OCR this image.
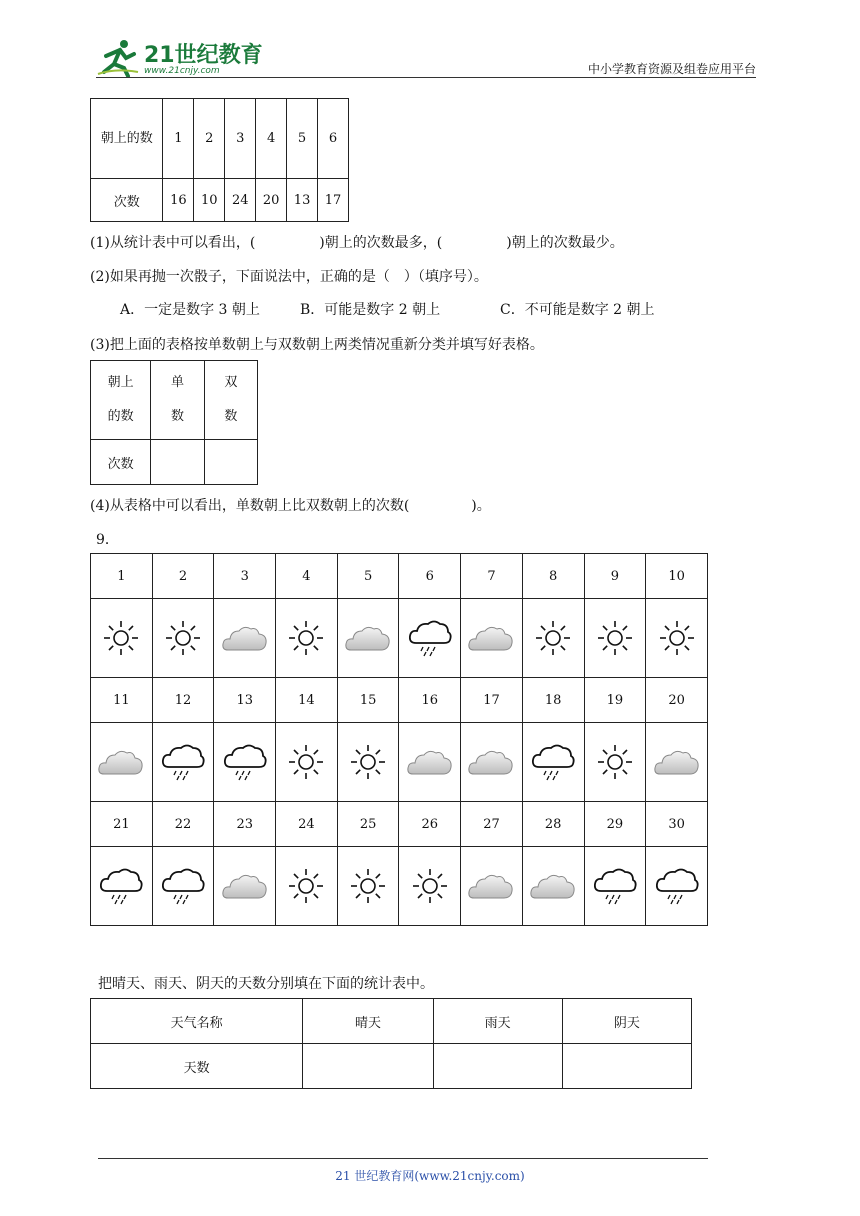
21世纪教育
www.21cnjy.com	中小学教育资源及组卷应用平台
朝上的数	1	2	3	4	5	6
次数	16	10	24	20	13	17
(1)从统计表中可以看出，(	)朝上的次数最多，(	)朝上的次数最少。
(2)如果再抛一次骰子，下面说法中，正确的是（　）（填序号）。
A．一定是数字 3 朝上	B．可能是数字 2 朝上	C．不可能是数字 2 朝上
(3)把上面的表格按单数朝上与双数朝上两类情况重新分类并填写好表格。
朝上的数	单数	双数
次数		
(4)从表格中可以看出，单数朝上比双数朝上的次数(	)。
9．
1	2	3	4	5	6	7	8	9	10

11	12	13	14	15	16	17	18	19	20

21	22	23	24	25	26	27	28	29	30

把晴天、雨天、阴天的天数分别填在下面的统计表中。
天气名称	晴天	雨天	阴天
天数			
21 世纪教育网(www.21cnjy.com)
